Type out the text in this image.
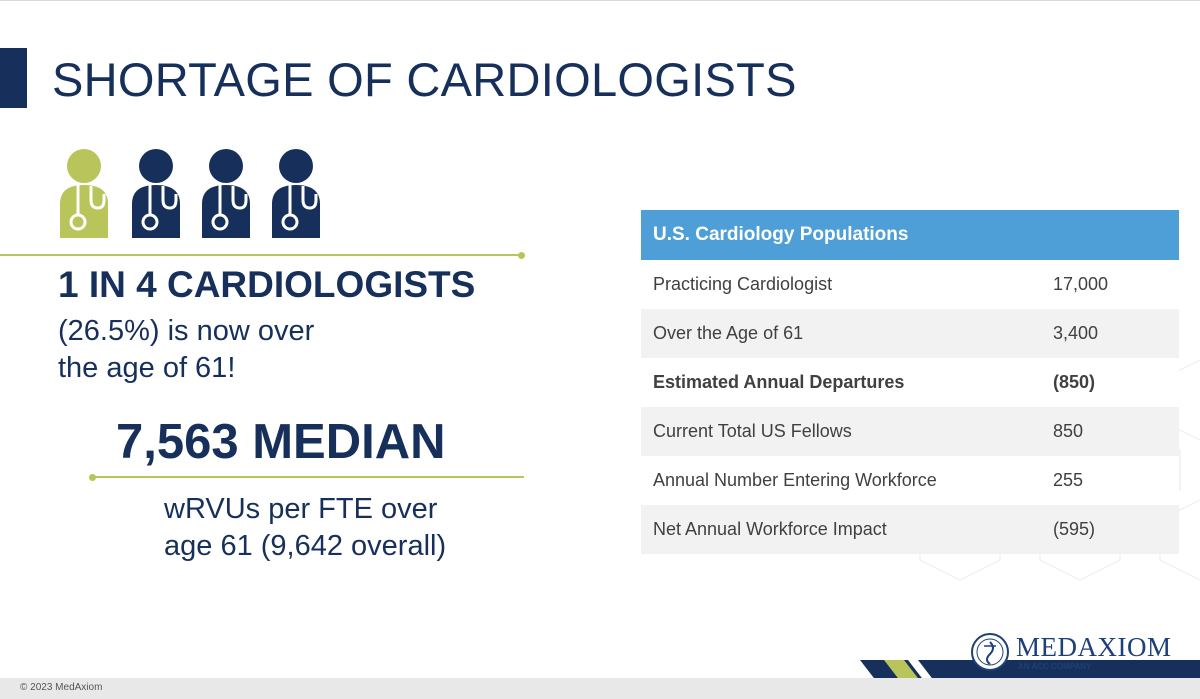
SHORTAGE OF CARDIOLOGISTS
1 IN 4 CARDIOLOGISTS
(26.5%) is now over
the age of 61!
7,563 MEDIAN
wRVUs per FTE over
age 61 (9,642 overall)
U.S. Cardiology Populations
Practicing Cardiologist	17,000
Over the Age of 61	3,400
Estimated Annual Departures	(850)
Current Total US Fellows	850
Annual Number Entering Workforce	255
Net Annual Workforce Impact	(595)
MEDAXIOM
AN ACC COMPANY
© 2023 MedAxiom
